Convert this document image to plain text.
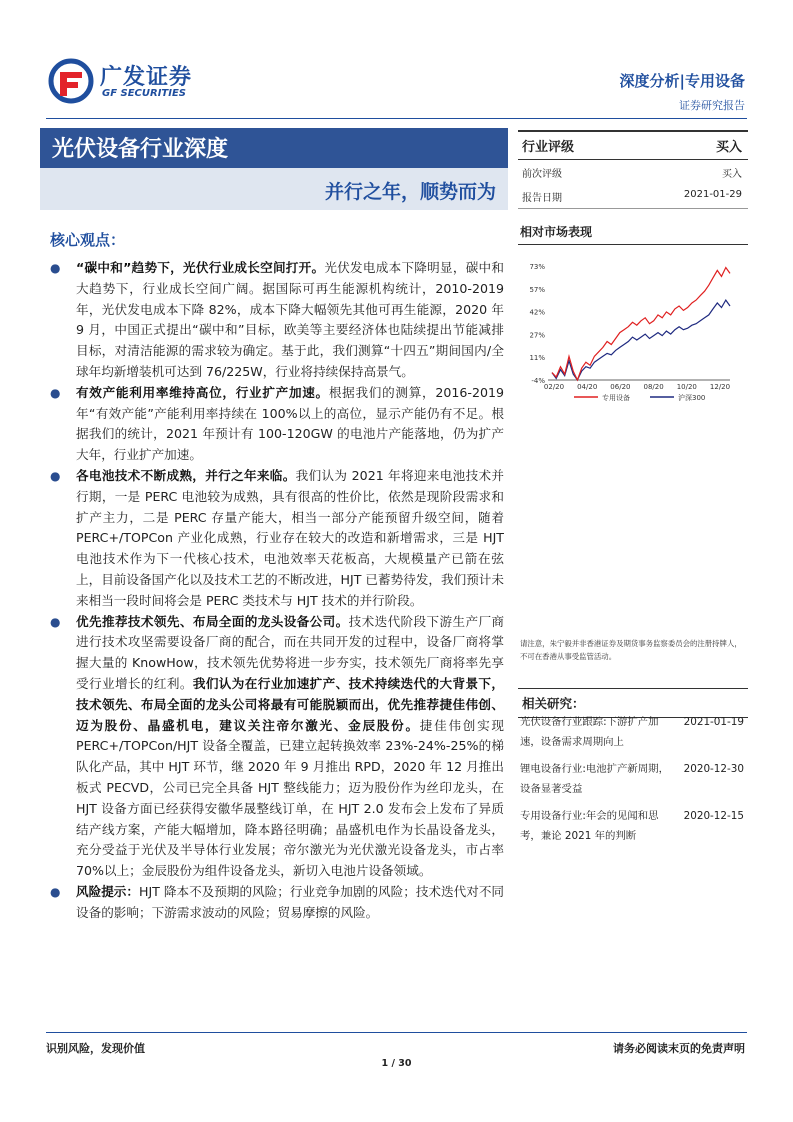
广发证券
GF SECURITIES
深度分析|专用设备
证券研究报告
光伏设备行业深度
并行之年，顺势而为
行业评级	买入
前次评级	买入
报告日期	2021-01-29
核心观点：
● “碳中和”趋势下，光伏行业成长空间打开。光伏发电成本下降明显，碳中和大趋势下，行业成长空间广阔。据国际可再生能源机构统计，2010-2019 年，光伏发电成本下降 82%，成本下降大幅领先其他可再生能源，2020 年 9 月，中国正式提出“碳中和”目标，欧美等主要经济体也陆续提出节能减排目标，对清洁能源的需求较为确定。基于此，我们测算“十四五”期间国内/全球年均新增装机可达到 76/225W，行业将持续保持高景气。
● 有效产能利用率维持高位，行业扩产加速。根据我们的测算，2016-2019 年“有效产能”产能利用率持续在 100%以上的高位，显示产能仍有不足。根据我们的统计，2021 年预计有 100-120GW 的电池片产能落地，仍为扩产大年，行业扩产加速。
● 各电池技术不断成熟，并行之年来临。我们认为 2021 年将迎来电池技术并行期，一是 PERC 电池较为成熟，具有很高的性价比，依然是现阶段需求和扩产主力，二是 PERC 存量产能大，相当一部分产能预留升级空间，随着 PERC+/TOPCon 产业化成熟，行业存在较大的改造和新增需求，三是 HJT 电池技术作为下一代核心技术，电池效率天花板高，大规模量产已箭在弦上，目前设备国产化以及技术工艺的不断改进，HJT 已蓄势待发，我们预计未来相当一段时间将会是 PERC 类技术与 HJT 技术的并行阶段。
● 优先推荐技术领先、布局全面的龙头设备公司。技术迭代阶段下游生产厂商进行技术攻坚需要设备厂商的配合，而在共同开发的过程中，设备厂商将掌握大量的 KnowHow，技术领先优势将进一步夯实，技术领先厂商将率先享受行业增长的红利。我们认为在行业加速扩产、技术持续迭代的大背景下，技术领先、布局全面的龙头公司将最有可能脱颖而出，优先推荐捷佳伟创、迈为股份、晶盛机电，建议关注帝尔激光、金辰股份。捷佳伟创实现 PERC+/TOPCon/HJT 设备全覆盖，已建立起转换效率 23%-24%-25%的梯队化产品，其中 HJT 环节，继 2020 年 9 月推出 RPD，2020 年 12 月推出板式 PECVD，公司已完全具备 HJT 整线能力；迈为股份作为丝印龙头，在 HJT 设备方面已经获得安徽华晟整线订单，在 HJT 2.0 发布会上发布了异质结产线方案，产能大幅增加，降本路径明确；晶盛机电作为长晶设备龙头，充分受益于光伏及半导体行业发展；帝尔激光为光伏激光设备龙头，市占率 70%以上；金辰股份为组件设备龙头，新切入电池片设备领域。
● 风险提示：HJT 降本不及预期的风险；行业竞争加剧的风险；技术迭代对不同设备的影响；下游需求波动的风险；贸易摩擦的风险。
相对市场表现
-4%
11%
27%
42%
57%
73%
02/20 04/20 06/20 08/20 10/20 12/20
专用设备	沪深300
请注意，朱宁毅并非香港证券及期货事务监察委员会的注册持牌人，不可在香港从事受监管活动。
相关研究：
光伏设备行业跟踪:下游扩产加速，设备需求周期向上
2021-01-19
锂电设备行业:电池扩产新周期，设备显著受益
2020-12-30
专用设备行业:年会的见闻和思考，兼论 2021 年的判断
2020-12-15
识别风险，发现价值	请务必阅读末页的免责声明
1 / 30
